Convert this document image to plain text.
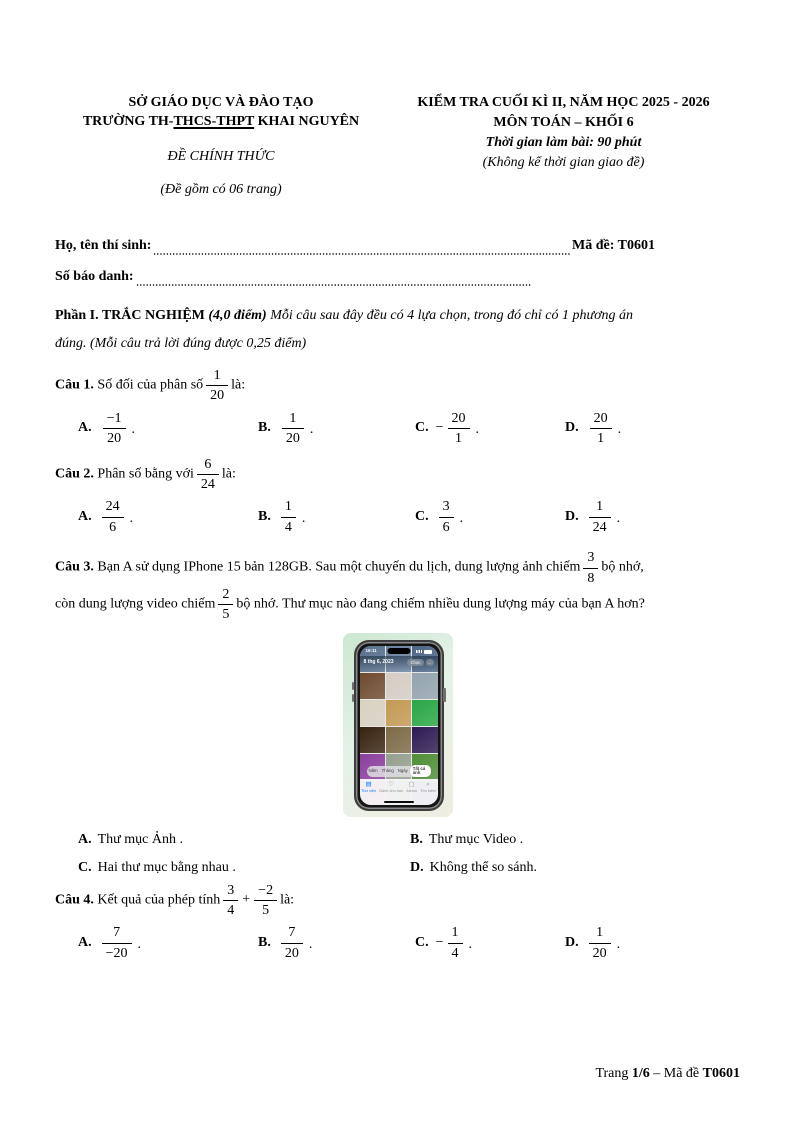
SỞ GIÁO DỤC VÀ ĐÀO TẠO
TRƯỜNG TH-THCS-THPT KHAI NGUYÊN
ĐỀ CHÍNH THỨC
(Đề gồm có 06 trang)
KIỂM TRA CUỐI KÌ II, NĂM HỌC 2025 - 2026
MÔN TOÁN – KHỐI 6
Thời gian làm bài: 90 phút
(Không kể thời gian giao đề)
Họ, tên thí sinh:	Mã đề: T0601
Số báo danh:

Phần I. TRẮC NGHIỆM (4,0 điểm) Mỗi câu sau đây đều có 4 lựa chọn, trong đó chỉ có 1 phương án
đúng. (Mỗi câu trả lời đúng được 0,25 điểm)

Câu 1. Số đối của phân số $\frac{1}{20}$ là:
A. $\frac{-1}{20}$ .	B. $\frac{1}{20}$ .	C. − $\frac{20}{1}$ .	D. $\frac{20}{1}$ .
Câu 2. Phân số bằng với $\frac{6}{24}$ là:
A. $\frac{24}{6}$ .	B. $\frac{1}{4}$ .	C. $\frac{3}{6}$ .	D. $\frac{1}{24}$ .

Câu 3. Bạn A sử dụng IPhone 15 bản 128GB. Sau một chuyến du lịch, dung lượng ảnh chiếm $\frac{3}{8}$ bộ nhớ,
còn dung lượng video chiếm $\frac{2}{5}$ bộ nhớ. Thư mục nào đang chiếm nhiều dung lượng máy của bạn A hơn?

16:11
8 thg 6, 2023	Chọn	…
Năm Tháng Ngày	Tất cả ảnh
▤
Thư viện
♡
Dành cho bạn
▢
Album
⌕
Tìm kiếm
A. Thư mục Ảnh .	B. Thư mục Video .
C. Hai thư mục bằng nhau .	D. Không thể so sánh.
Câu 4. Kết quả của phép tính $\frac{3}{4} + \frac{-2}{5}$ là:
A. $\frac{7}{-20}$ .	B. $\frac{7}{20}$ .	C. − $\frac{1}{4}$ .	D. $\frac{1}{20}$ .
Trang 1/6 – Mã đề T0601
